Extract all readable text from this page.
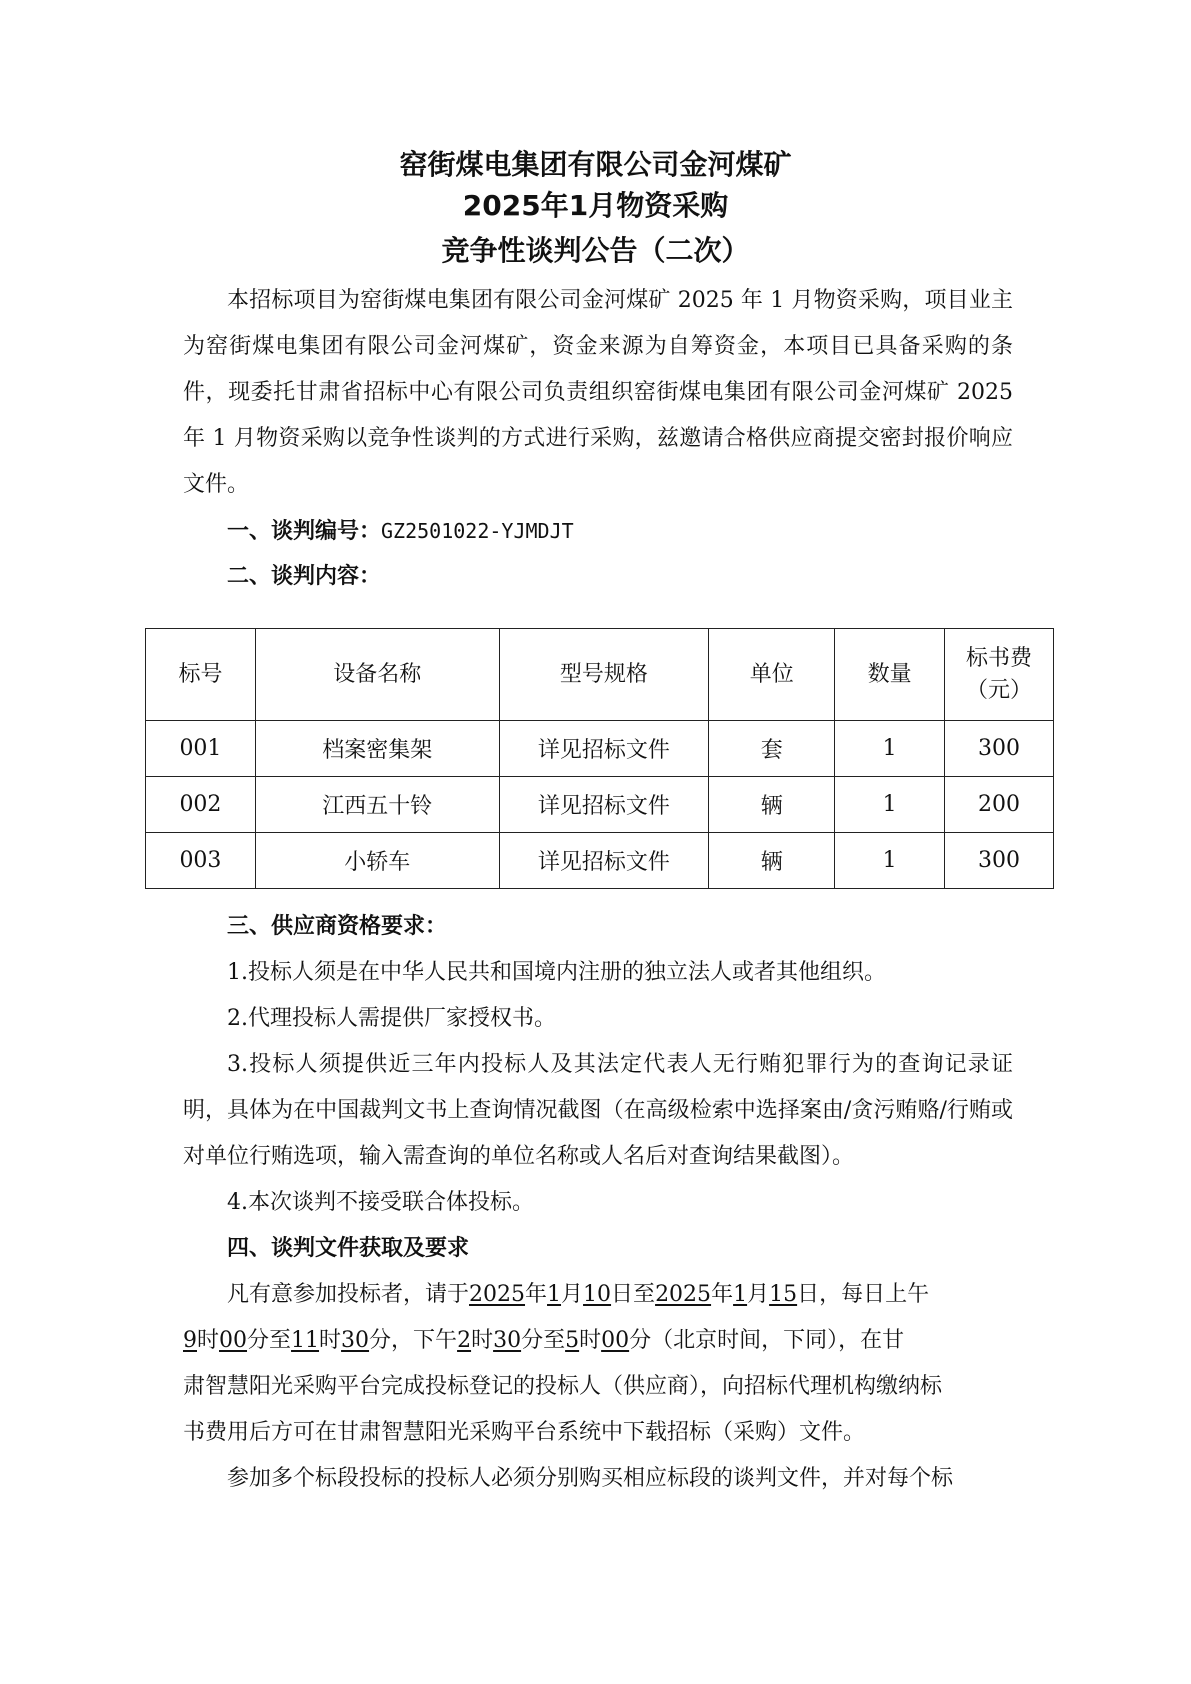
窑街煤电集团有限公司金河煤矿
2025年1月物资采购
竞争性谈判公告（二次）

本招标项目为窑街煤电集团有限公司金河煤矿 2025 年 1 月物资采购，项目业主为窑街煤电集团有限公司金河煤矿，资金来源为自筹资金，本项目已具备采购的条件，现委托甘肃省招标中心有限公司负责组织窑街煤电集团有限公司金河煤矿 2025 年 1 月物资采购以竞争性谈判的方式进行采购，兹邀请合格供应商提交密封报价响应文件。

一、谈判编号：GZ2501022-YJMDJT
二、谈判内容：
标号	设备名称	型号规格	单位	数量	标书费
（元）
001	档案密集架	详见招标文件	套	1	300
002	江西五十铃	详见招标文件	辆	1	200
003	小轿车	详见招标文件	辆	1	300
三、供应商资格要求：
1.投标人须是在中华人民共和国境内注册的独立法人或者其他组织。
2.代理投标人需提供厂家授权书。

3.投标人须提供近三年内投标人及其法定代表人无行贿犯罪行为的查询记录证明，具体为在中国裁判文书上查询情况截图（在高级检索中选择案由/贪污贿赂/行贿或对单位行贿选项，输入需查询的单位名称或人名后对查询结果截图）。

4.本次谈判不接受联合体投标。
四、谈判文件获取及要求
凡有意参加投标者，请于2025年1月10日至2025年1月15日，每日上午
9时00分至11时30分，下午2时30分至5时00分（北京时间，下同），在甘
肃智慧阳光采购平台完成投标登记的投标人（供应商），向招标代理机构缴纳标
书费用后方可在甘肃智慧阳光采购平台系统中下载招标（采购）文件。
参加多个标段投标的投标人必须分别购买相应标段的谈判文件，并对每个标
